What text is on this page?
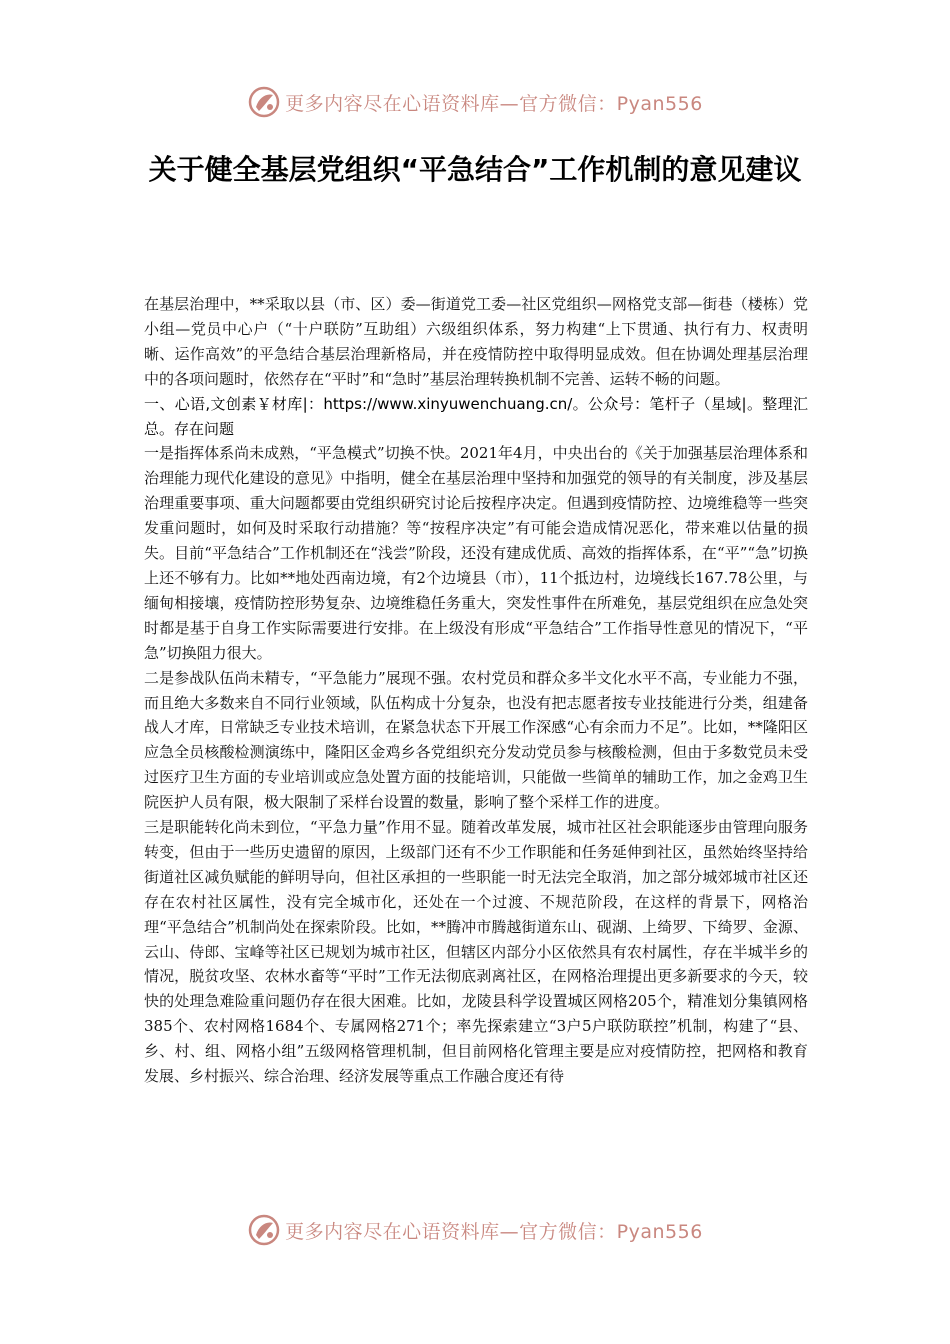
更多内容尽在心语资料库—官方微信：Pyan556
关于健全基层党组织“平急结合”工作机制的意见建议

在基层治理中，**采取以县（市、区）委—街道党工委—社区党组织—网格党支部—街巷（楼栋）党小组—党员中心户（“十户联防”互助组）六级组织体系，努力构建“上下贯通、执行有力、权责明晰、运作高效”的平急结合基层治理新格局，并在疫情防控中取得明显成效。但在协调处理基层治理中的各项问题时，依然存在“平时”和“急时”基层治理转换机制不完善、运转不畅的问题。

一、心语,文创素￥材库|：https://www.xinyuwenchuang.cn/。公众号：笔杆子（星域|。整理汇总。存在问题

一是指挥体系尚未成熟，“平急模式”切换不快。2021年4月，中央出台的《关于加强基层治理体系和治理能力现代化建设的意见》中指明，健全在基层治理中坚持和加强党的领导的有关制度，涉及基层治理重要事项、重大问题都要由党组织研究讨论后按程序决定。但遇到疫情防控、边境维稳等一些突发重问题时，如何及时采取行动措施？等“按程序决定”有可能会造成情况恶化，带来难以估量的损失。目前“平急结合”工作机制还在“浅尝”阶段，还没有建成优质、高效的指挥体系，在“平”“急”切换上还不够有力。比如**地处西南边境，有2个边境县（市），11个抵边村，边境线长167.78公里，与缅甸相接壤，疫情防控形势复杂、边境维稳任务重大，突发性事件在所难免，基层党组织在应急处突时都是基于自身工作实际需要进行安排。在上级没有形成“平急结合”工作指导性意见的情况下，“平急”切换阻力很大。

二是参战队伍尚未精专，“平急能力”展现不强。农村党员和群众多半文化水平不高，专业能力不强，而且绝大多数来自不同行业领域，队伍构成十分复杂，也没有把志愿者按专业技能进行分类，组建备战人才库，日常缺乏专业技术培训，在紧急状态下开展工作深感“心有余而力不足”。比如，**隆阳区应急全员核酸检测演练中，隆阳区金鸡乡各党组织充分发动党员参与核酸检测，但由于多数党员未受过医疗卫生方面的专业培训或应急处置方面的技能培训，只能做一些简单的辅助工作，加之金鸡卫生院医护人员有限，极大限制了采样台设置的数量，影响了整个采样工作的进度。

三是职能转化尚未到位，“平急力量”作用不显。随着改革发展，城市社区社会职能逐步由管理向服务转变，但由于一些历史遗留的原因，上级部门还有不少工作职能和任务延伸到社区，虽然始终坚持给街道社区减负赋能的鲜明导向，但社区承担的一些职能一时无法完全取消，加之部分城郊城市社区还存在农村社区属性，没有完全城市化，还处在一个过渡、不规范阶段，在这样的背景下，网格治理“平急结合”机制尚处在探索阶段。比如，**腾冲市腾越街道东山、砚湖、上绮罗、下绮罗、金源、云山、侍郎、宝峰等社区已规划为城市社区，但辖区内部分小区依然具有农村属性，存在半城半乡的情况，脱贫攻坚、农林水畜等“平时”工作无法彻底剥离社区，在网格治理提出更多新要求的今天，较快的处理急难险重问题仍存在很大困难。比如，龙陵县科学设置城区网格205个，精准划分集镇网格385个、农村网格1684个、专属网格271个；率先探索建立“3户5户联防联控”机制，构建了“县、乡、村、组、网格小组”五级网格管理机制，但目前网格化管理主要是应对疫情防控，把网格和教育发展、乡村振兴、综合治理、经济发展等重点工作融合度还有待

更多内容尽在心语资料库—官方微信：Pyan556
